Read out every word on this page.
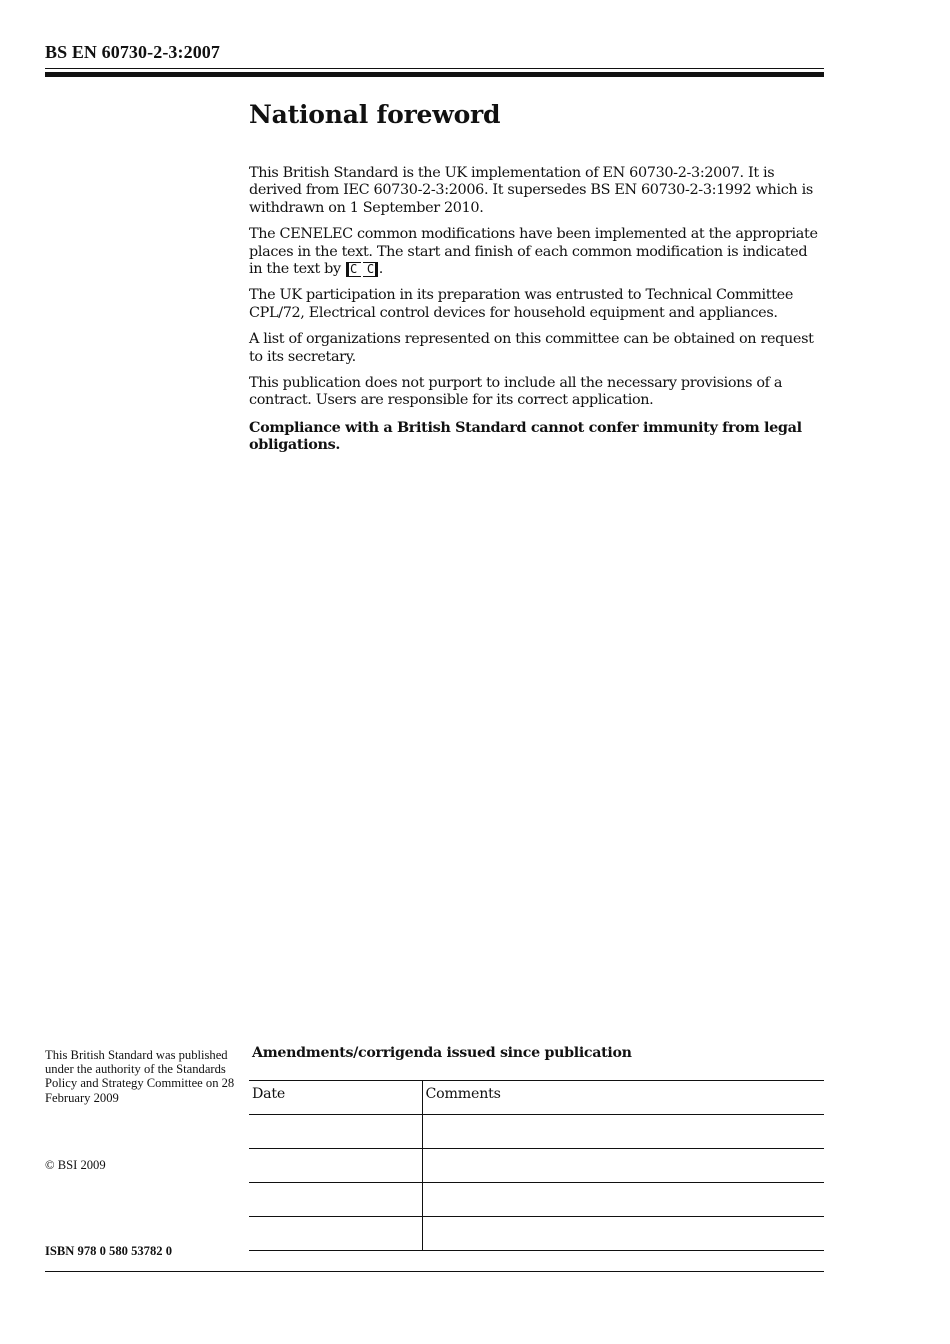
BS EN 60730-2-3:2007
National foreword

This British Standard is the UK implementation of EN 60730-2-3:2007. It is derived from IEC 60730-2-3:2006. It supersedes BS EN 60730-2-3:1992 which is withdrawn on 1 September 2010.

The CENELEC common modifications have been implemented at the appropriate places in the text. The start and finish of each common modification is indicated in the text by C C .

The UK participation in its preparation was entrusted to Technical Committee CPL/72, Electrical control devices for household equipment and appliances.

A list of organizations represented on this committee can be obtained on request to its secretary.

This publication does not purport to include all the necessary provisions of a contract. Users are responsible for its correct application.

Compliance with a British Standard cannot confer immunity from legal obligations.

This British Standard was published under the authority of the Standards Policy and Strategy Committee on 28 February 2009

© BSI 2009

ISBN 978 0 580 53782 0
Amendments/corrigenda issued since publication
Date	Comments
